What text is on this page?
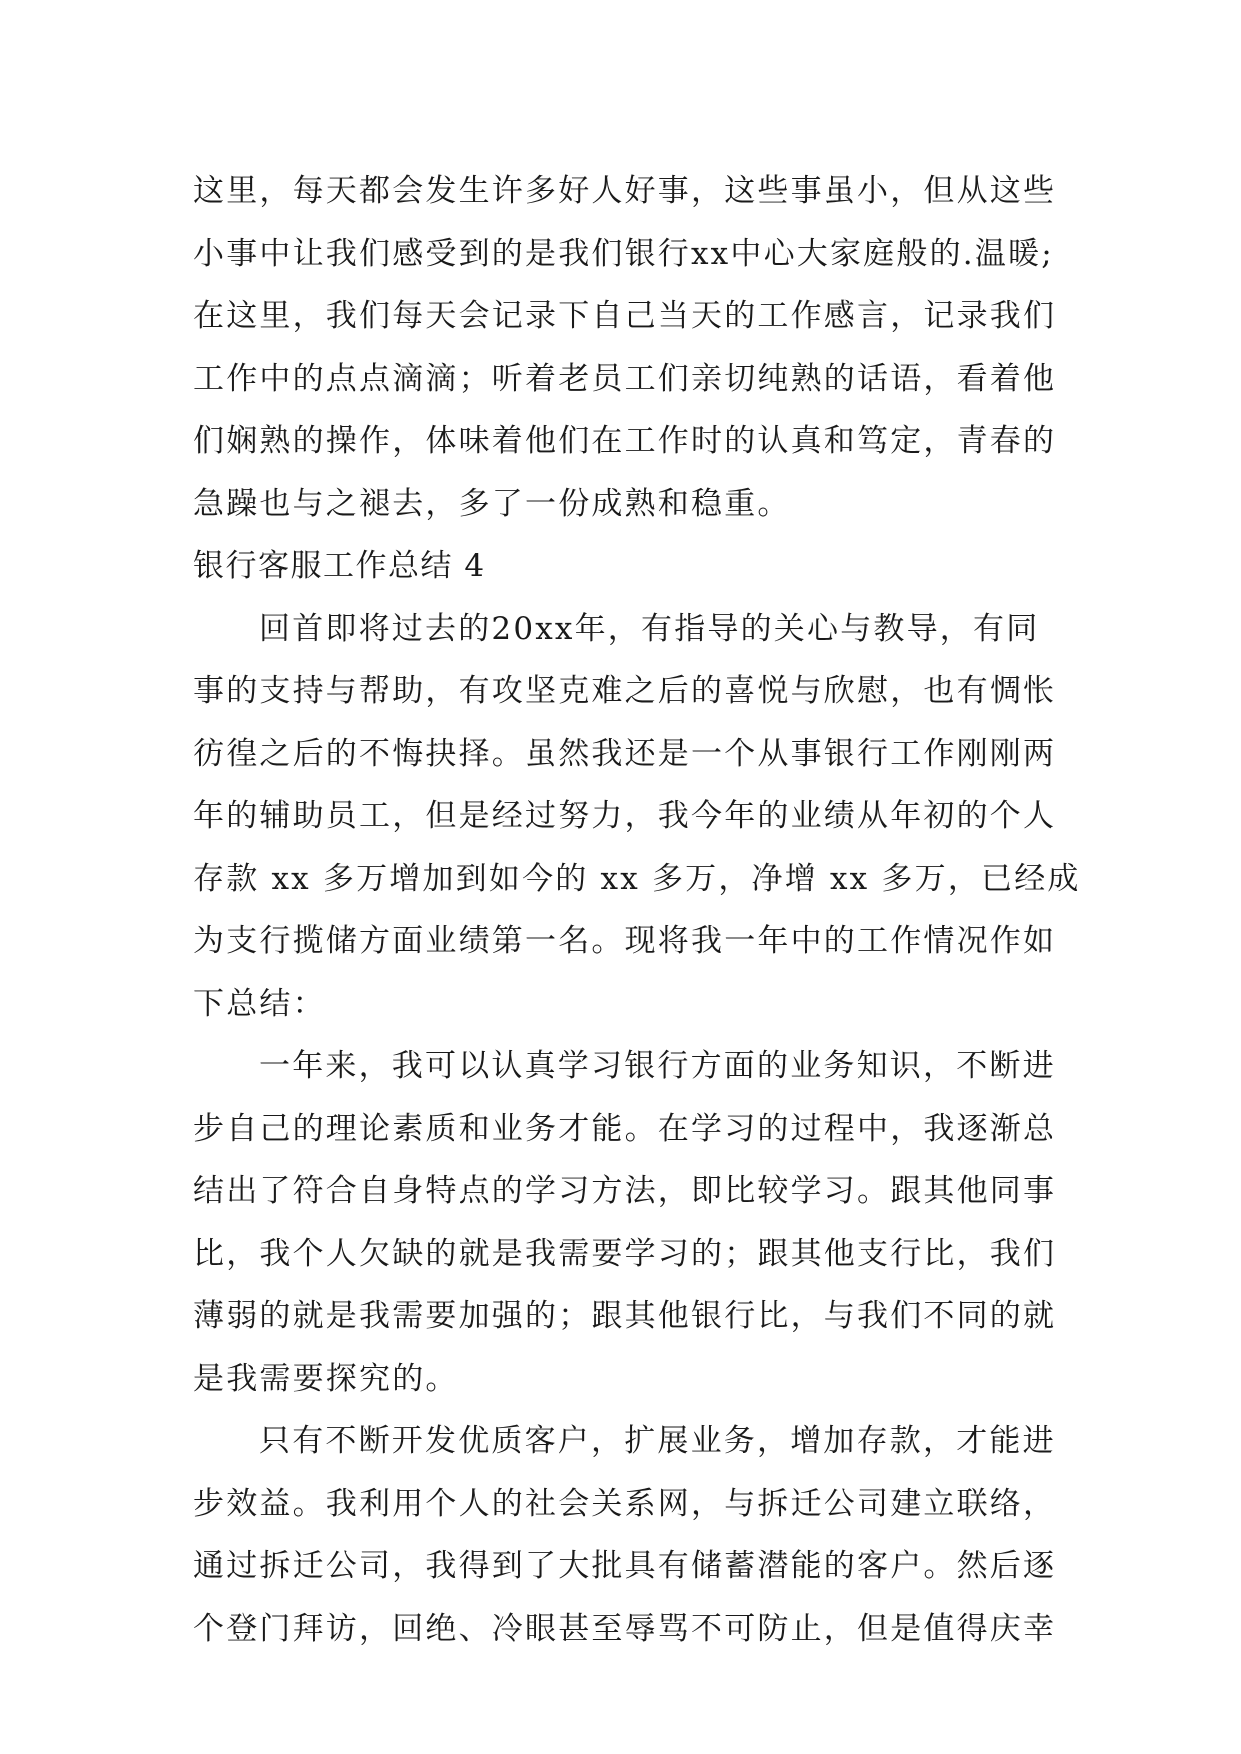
这里，每天都会发生许多好人好事，这些事虽小，但从这些
小事中让我们感受到的是我们银行xx中心大家庭般的.温暖;
在这里，我们每天会记录下自己当天的工作感言，记录我们
工作中的点点滴滴；听着老员工们亲切纯熟的话语，看着他
们娴熟的操作，体味着他们在工作时的认真和笃定，青春的
急躁也与之褪去，多了一份成熟和稳重。
银行客服工作总结 4
回首即将过去的20xx年，有指导的关心与教导，有同
事的支持与帮助，有攻坚克难之后的喜悦与欣慰，也有惆怅
彷徨之后的不悔抉择。虽然我还是一个从事银行工作刚刚两
年的辅助员工，但是经过努力，我今年的业绩从年初的个人
存款 xx 多万增加到如今的 xx 多万，净增 xx 多万，已经成
为支行揽储方面业绩第一名。现将我一年中的工作情况作如
下总结：
一年来，我可以认真学习银行方面的业务知识，不断进
步自己的理论素质和业务才能。在学习的过程中，我逐渐总
结出了符合自身特点的学习方法，即比较学习。跟其他同事
比，我个人欠缺的就是我需要学习的；跟其他支行比，我们
薄弱的就是我需要加强的；跟其他银行比，与我们不同的就
是我需要探究的。
只有不断开发优质客户，扩展业务，增加存款，才能进
步效益。我利用个人的社会关系网，与拆迁公司建立联络，
通过拆迁公司，我得到了大批具有储蓄潜能的客户。然后逐
个登门拜访，回绝、冷眼甚至辱骂不可防止，但是值得庆幸
